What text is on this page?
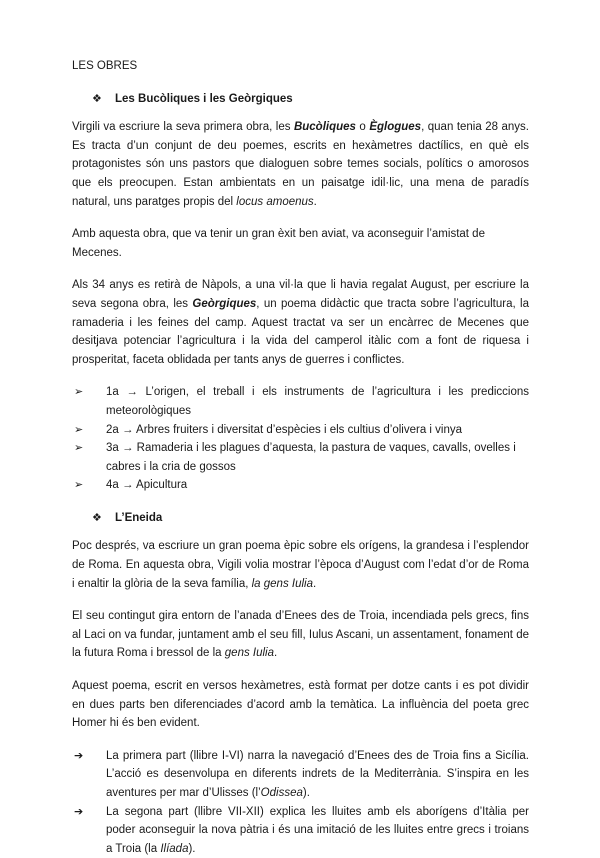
LES OBRES

❖	Les Bucòliques i les Geòrgiques

Virgili va escriure la seva primera obra, les Bucòliques o Èglogues, quan tenia 28 anys. Es tracta d’un conjunt de deu poemes, escrits en hexàmetres dactílics, en què els protagonistes són uns pastors que dialoguen sobre temes socials, polítics o amorosos que els preocupen. Estan ambientats en un paisatge idil·lic, una mena de paradís natural, uns paratges propis del locus amoenus.

Amb aquesta obra, que va tenir un gran èxit ben aviat, va aconseguir l’amistat de Mecenes.

Als 34 anys es retirà de Nàpols, a una vil·la que li havia regalat August, per escriure la seva segona obra, les Geòrgiques, un poema didàctic que tracta sobre l’agricultura, la ramaderia i les feines del camp. Aquest tractat va ser un encàrrec de Mecenes que desitjava potenciar l’agricultura i la vida del camperol itàlic com a font de riquesa i prosperitat, faceta oblidada per tants anys de guerres i conflictes.

➢	1a → L’origen, el treball i els instruments de l’agricultura i les prediccions meteorològiques
➢	2a → Arbres fruiters i diversitat d’espècies i els cultius d’olivera i vinya
➢	3a → Ramaderia i les plagues d’aquesta, la pastura de vaques, cavalls, ovelles i cabres i la cria de gossos
➢	4a → Apicultura
❖	L’Eneida

Poc després, va escriure un gran poema èpic sobre els orígens, la grandesa i l’esplendor de Roma. En aquesta obra, Vigili volia mostrar l’època d’August com l’edat d’or de Roma i enaltir la glòria de la seva família, la gens Iulia.

El seu contingut gira entorn de l’anada d’Enees des de Troia, incendiada pels grecs, fins al Laci on va fundar, juntament amb el seu fill, Iulus Ascani, un assentament, fonament de la futura Roma i bressol de la gens Iulia.

Aquest poema, escrit en versos hexàmetres, està format per dotze cants i es pot dividir en dues parts ben diferenciades d’acord amb la temàtica. La influència del poeta grec Homer hi és ben evident.

➔	La primera part (llibre I-VI) narra la navegació d’Enees des de Troia fins a Sicília. L’acció es desenvolupa en diferents indrets de la Mediterrània. S’inspira en les aventures per mar d’Ulisses (l’Odissea).
➔	La segona part (llibre VII-XII) explica les lluites amb els aborígens d’Itàlia per poder aconseguir la nova pàtria i és una imitació de les lluites entre grecs i troians a Troia (la Ilíada).
